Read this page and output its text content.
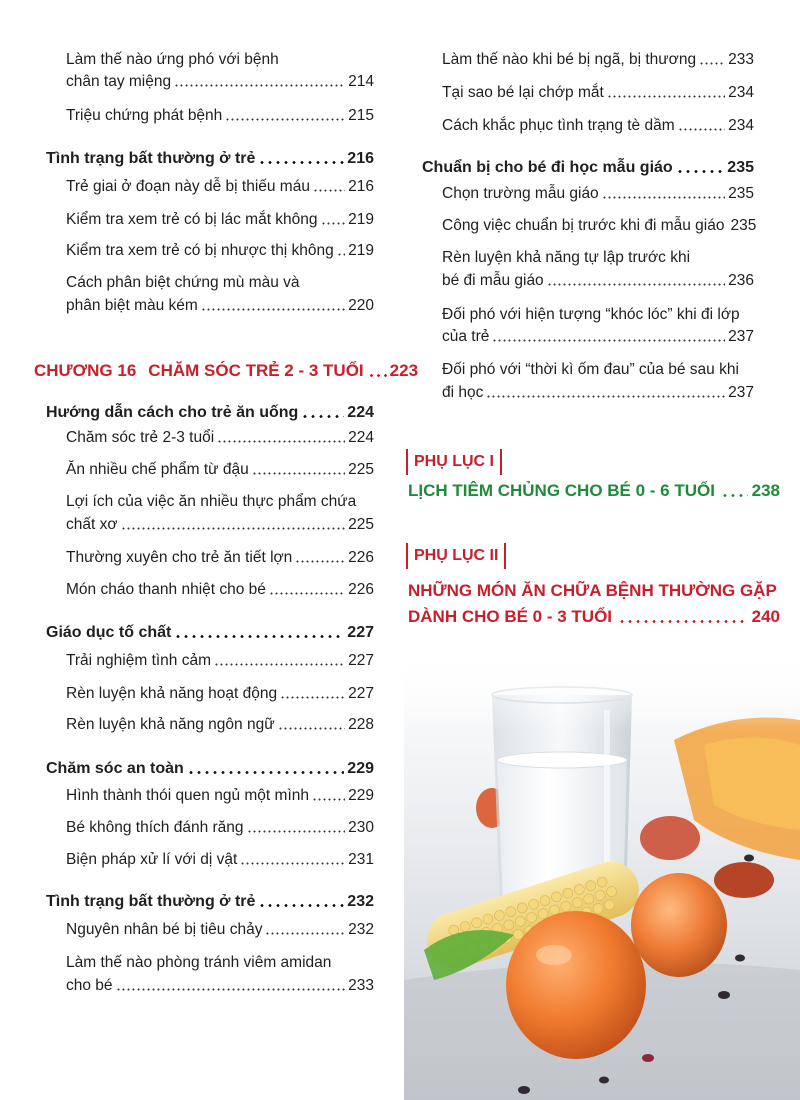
Làm thế nào ứng phó với bệnh
chân tay miệng	214
Triệu chứng phát bệnh	215
Tình trạng bất thường ở trẻ	216
Trẻ giai ở đoạn này dễ bị thiếu máu 216
Kiểm tra xem trẻ có bị lác mắt không 219
Kiểm tra xem trẻ có bị nhược thị không 219
Cách phân biệt chứng mù màu và
phân biệt màu kém	220
CHƯƠNG 16 CHĂM SÓC TRẺ 2 - 3 TUỔI 223
Hướng dẫn cách cho trẻ ăn uống	224
Chăm sóc trẻ 2-3 tuổi	224
Ăn nhiều chế phẩm từ đậu	225
Lợi ích của việc ăn nhiều thực phẩm chứa
chất xơ	225
Thường xuyên cho trẻ ăn tiết lợn	226
Món cháo thanh nhiệt cho bé	226
Giáo dục tố chất	227
Trải nghiệm tình cảm	227
Rèn luyện khả năng hoạt động	227
Rèn luyện khả năng ngôn ngữ	228
Chăm sóc an toàn	229
Hình thành thói quen ngủ một mình	229
Bé không thích đánh răng	230
Biện pháp xử lí với dị vật	231
Tình trạng bất thường ở trẻ	232
Nguyên nhân bé bị tiêu chảy	232
Làm thế nào phòng tránh viêm amidan
cho bé	233
Làm thế nào khi bé bị ngã, bị thương 233
Tại sao bé lại chớp mắt	234
Cách khắc phục tình trạng tè dầm	234
Chuẩn bị cho bé đi học mẫu giáo	235
Chọn trường mẫu giáo	235
Công việc chuẩn bị trước khi đi mẫu giáo 235
Rèn luyện khả năng tự lập trước khi
bé đi mẫu giáo	236
Đối phó với hiện tượng “khóc lóc” khi đi lớp
của trẻ	237
Đối phó với “thời kì ốm đau” của bé sau khi
đi học	237
PHỤ LỤC I
LỊCH TIÊM CHỦNG CHO BÉ 0 - 6 TUỔI 238
PHỤ LỤC II
NHỮNG MÓN ĂN CHỮA BỆNH THƯỜNG GẶP
DÀNH CHO BÉ 0 - 3 TUỔI	240
